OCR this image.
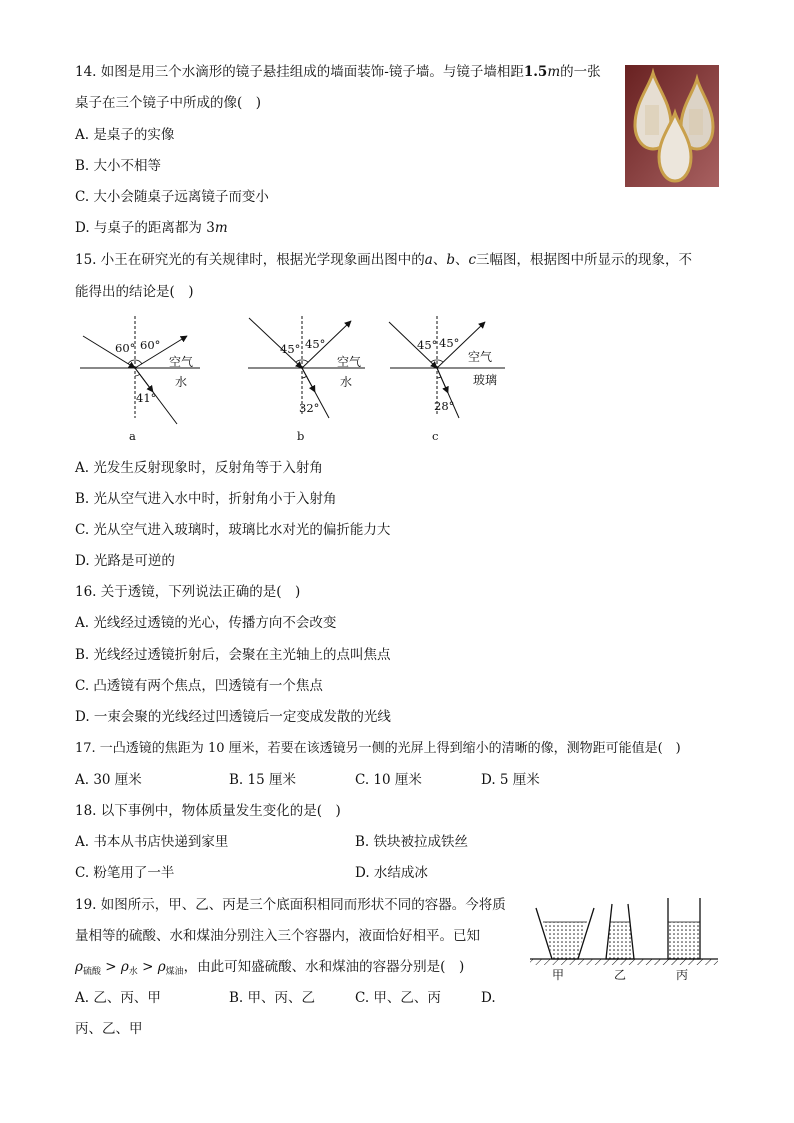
14. 如图是用三个水滴形的镜子悬挂组成的墙面装饰-镜子墙。与镜子墙相距1.5m的一张
桌子在三个镜子中所成的像(　)
A. 是桌子的实像
B. 大小不相等
C. 大小会随桌子远离镜子而变小
D. 与桌子的距离都为 3m
15. 小王在研究光的有关规律时，根据光学现象画出图中的a、b、c三幅图，根据图中所显示的现象，不
能得出的结论是(　)
60° 60°
空气
水
41°
a
45° 45°
空气
水
32°
b
45° 45°
空气
玻璃
28°
c
A. 光发生反射现象时，反射角等于入射角
B. 光从空气进入水中时，折射角小于入射角
C. 光从空气进入玻璃时，玻璃比水对光的偏折能力大
D. 光路是可逆的
16. 关于透镜，下列说法正确的是(　)
A. 光线经过透镜的光心，传播方向不会改变
B. 光线经过透镜折射后，会聚在主光轴上的点叫焦点
C. 凸透镜有两个焦点，凹透镜有一个焦点
D. 一束会聚的光线经过凹透镜后一定变成发散的光线
17. 一凸透镜的焦距为 10 厘米，若要在该透镜另一侧的光屏上得到缩小的清晰的像，测物距可能值是(　)
A. 30 厘米	B. 15 厘米	C. 10 厘米	D. 5 厘米
18. 以下事例中，物体质量发生变化的是(　)
A. 书本从书店快递到家里	B. 铁块被拉成铁丝
C. 粉笔用了一半	D. 水结成冰
19. 如图所示，甲、乙、丙是三个底面积相同而形状不同的容器。今将质
量相等的硫酸、水和煤油分别注入三个容器内，液面恰好相平。已知
$\rho_{硫酸} > \rho_水 > \rho_{煤油}$，由此可知盛硫酸、水和煤油的容器分别是(　)
A. 乙、丙、甲	B. 甲、丙、乙	C. 甲、乙、丙	D.
丙、乙、甲
甲	乙	丙
